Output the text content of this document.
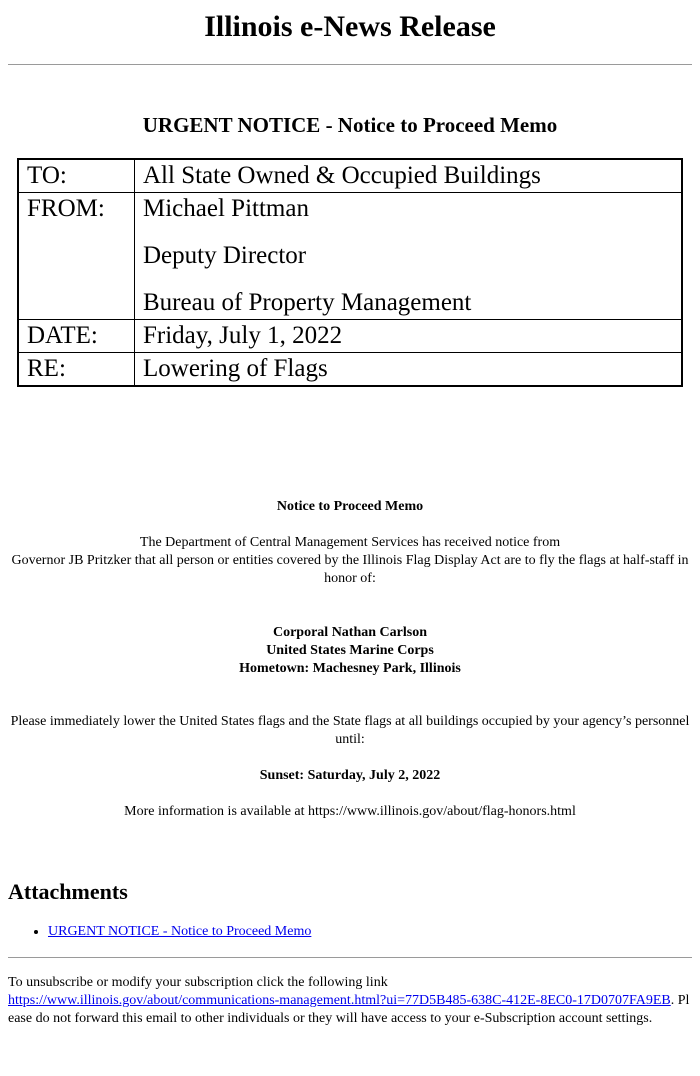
Illinois e-News Release
URGENT NOTICE - Notice to Proceed Memo
TO:	All State Owned & Occupied Buildings
FROM:	Michael Pittman
Deputy Director
Bureau of Property Management

DATE:	Friday, July 1, 2022
RE:	Lowering of Flags
Notice to Proceed Memo
The Department of Central Management Services has received notice from
Governor JB Pritzker that all person or entities covered by the Illinois Flag Display Act are to fly the flags at half-staff in honor of:
Corporal Nathan Carlson
United States Marine Corps
Hometown: Machesney Park, Illinois
Please immediately lower the United States flags and the State flags at all buildings occupied by your agency’s personnel until:
Sunset: Saturday, July 2, 2022
More information is available at https://www.illinois.gov/about/flag-honors.html
Attachments
• URGENT NOTICE - Notice to Proceed Memo
To unsubscribe or modify your subscription click the following link
https://www.illinois.gov/about/communications-management.html?ui=77D5B485-638C-412E-8EC0-17D0707FA9EB. Please do not forward this email to other individuals or they will have access to your e-Subscription account settings.
